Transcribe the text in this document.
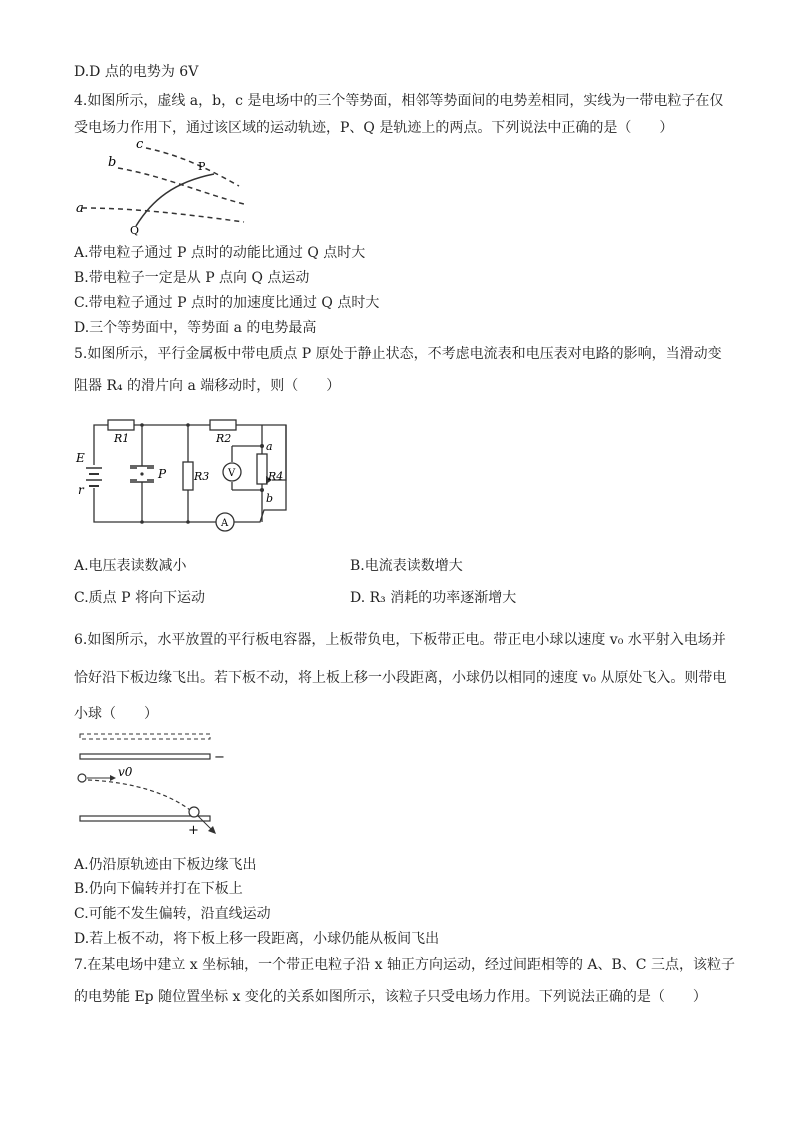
D.D 点的电势为 6V
4.如图所示，虚线 a，b，c 是电场中的三个等势面，相邻等势面间的电势差相同，实线为一带电粒子在仅
受电场力作用下，通过该区域的运动轨迹，P、Q 是轨迹上的两点。下列说法中正确的是（　　）
a
b
c
P
Q
A.带电粒子通过 P 点时的动能比通过 Q 点时大
B.带电粒子一定是从 P 点向 Q 点运动
C.带电粒子通过 P 点时的加速度比通过 Q 点时大
D.三个等势面中，等势面 a 的电势最高
5.如图所示，平行金属板中带电质点 P 原处于静止状态，不考虑电流表和电压表对电路的影响，当滑动变
阻器 R₄ 的滑片向 a 端移动时，则（　　）
E
r
R1	R2
R3	R4
P	V
A
a
b
A.电压表读数减小	B.电流表读数增大
C.质点 P 将向下运动	D. R₃ 消耗的功率逐渐增大
6.如图所示，水平放置的平行板电容器，上板带负电，下板带正电。带正电小球以速度 v₀ 水平射入电场并
恰好沿下板边缘飞出。若下板不动，将上板上移一小段距离，小球仍以相同的速度 v₀ 从原处飞入。则带电
小球（　　）
−
+
v0
A.仍沿原轨迹由下板边缘飞出
B.仍向下偏转并打在下板上
C.可能不发生偏转，沿直线运动
D.若上板不动，将下板上移一段距离，小球仍能从板间飞出
7.在某电场中建立 x 坐标轴，一个带正电粒子沿 x 轴正方向运动，经过间距相等的 A、B、C 三点，该粒子
的电势能 Ep 随位置坐标 x 变化的关系如图所示，该粒子只受电场力作用。下列说法正确的是（　　）
